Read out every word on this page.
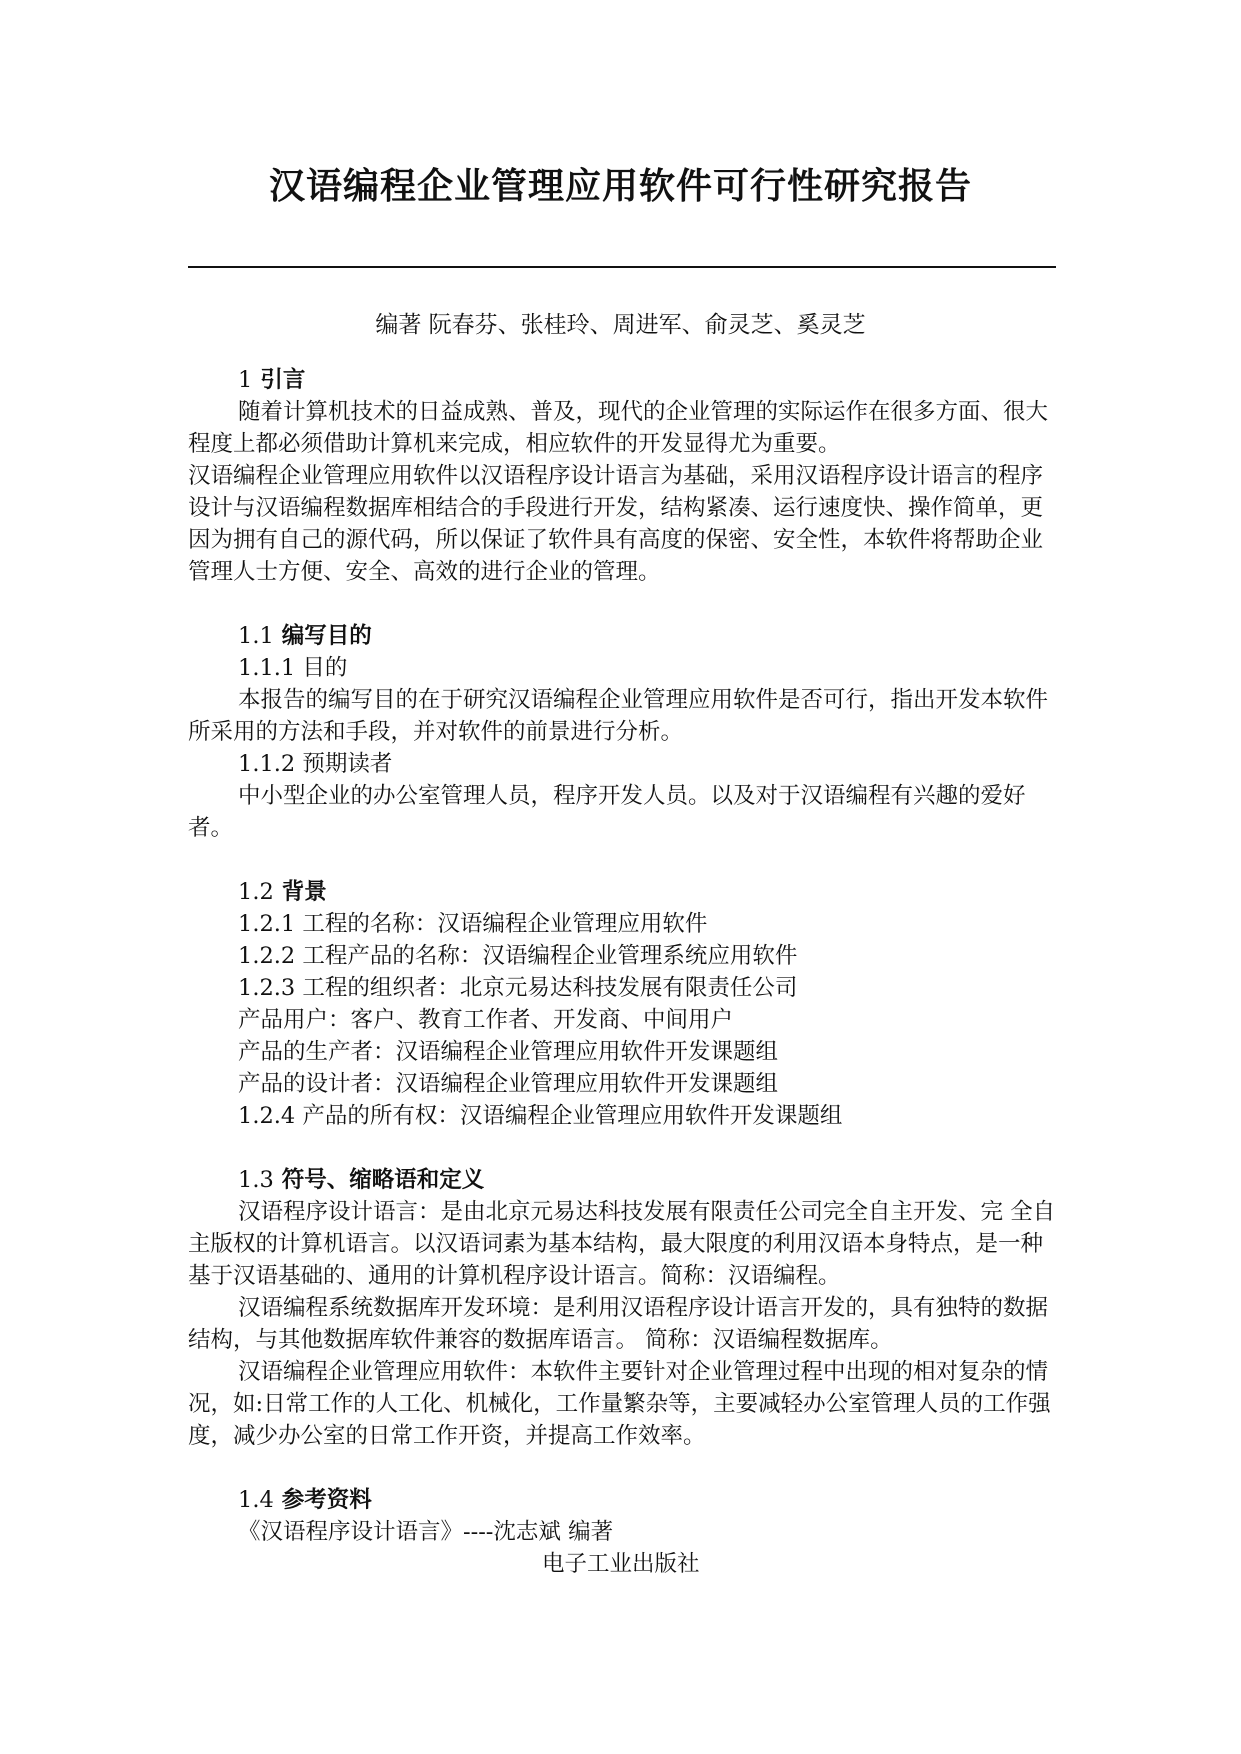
汉语编程企业管理应用软件可行性研究报告

编著 阮春芬、张桂玲、周进军、俞灵芝、奚灵芝

1 引言

随着计算机技术的日益成熟、普及，现代的企业管理的实际运作在很多方面、很大程度上都必须借助计算机来完成，相应软件的开发显得尤为重要。

汉语编程企业管理应用软件以汉语程序设计语言为基础，采用汉语程序设计语言的程序设计与汉语编程数据库相结合的手段进行开发，结构紧凑、运行速度快、操作简单，更因为拥有自己的源代码，所以保证了软件具有高度的保密、安全性，本软件将帮助企业管理人士方便、安全、高效的进行企业的管理。

1.1 编写目的

1.1.1 目的

本报告的编写目的在于研究汉语编程企业管理应用软件是否可行，指出开发本软件所采用的方法和手段，并对软件的前景进行分析。

1.1.2 预期读者

中小型企业的办公室管理人员，程序开发人员。以及对于汉语编程有兴趣的爱好者。

1.2 背景

1.2.1 工程的名称：汉语编程企业管理应用软件

1.2.2 工程产品的名称：汉语编程企业管理系统应用软件

1.2.3 工程的组织者：北京元易达科技发展有限责任公司

产品用户：客户、教育工作者、开发商、中间用户

产品的生产者：汉语编程企业管理应用软件开发课题组

产品的设计者：汉语编程企业管理应用软件开发课题组

1.2.4 产品的所有权：汉语编程企业管理应用软件开发课题组

1.3 符号、缩略语和定义

汉语程序设计语言：是由北京元易达科技发展有限责任公司完全自主开发、完 全自主版权的计算机语言。以汉语词素为基本结构，最大限度的利用汉语本身特点，是一种基于汉语基础的、通用的计算机程序设计语言。简称：汉语编程。

汉语编程系统数据库开发环境：是利用汉语程序设计语言开发的，具有独特的数据结构，与其他数据库软件兼容的数据库语言。 简称：汉语编程数据库。

汉语编程企业管理应用软件：本软件主要针对企业管理过程中出现的相对复杂的情况，如:日常工作的人工化、机械化，工作量繁杂等，主要减轻办公室管理人员的工作强度，减少办公室的日常工作开资，并提高工作效率。

1.4 参考资料

《汉语程序设计语言》----沈志斌 编著

电子工业出版社
